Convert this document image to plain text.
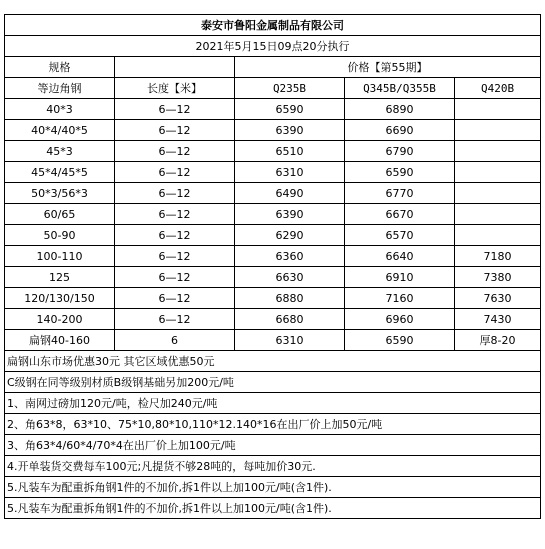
泰安市鲁阳金属制品有限公司				
2021年5月15日09点20分执行				
规格		价格【第55期】		
等边角钢	长度【米】	Q235B	Q345B/Q355B	Q420B
40*3	6—12	6590	6890	
40*4/40*5	6—12	6390	6690	
45*3	6—12	6510	6790	
45*4/45*5	6—12	6310	6590	
50*3/56*3	6—12	6490	6770	
60/65	6—12	6390	6670	
50-90	6—12	6290	6570	
100-110	6—12	6360	6640	7180
125	6—12	6630	6910	7380
120/130/150	6—12	6880	7160	7630
140-200	6—12	6680	6960	7430
扁钢40-160	6	6310	6590	厚8-20
扁钢山东市场优惠30元 其它区域优惠50元				
C级钢在同等级别材质B级钢基础另加200元/吨				
1、南网过磅加120元/吨，检尺加240元/吨				
2、角63*8，63*10、75*10,80*10,110*12.140*16在出厂价上加50元/吨				
3、角63*4/60*4/70*4在出厂价上加100元/吨				
4.开单装货交费每车100元;凡提货不够28吨的，每吨加价30元.				
5.凡装车为配重拆角钢1件的不加价,拆1件以上加100元/吨(含1件).				
5.凡装车为配重拆角钢1件的不加价,拆1件以上加100元/吨(含1件).				
